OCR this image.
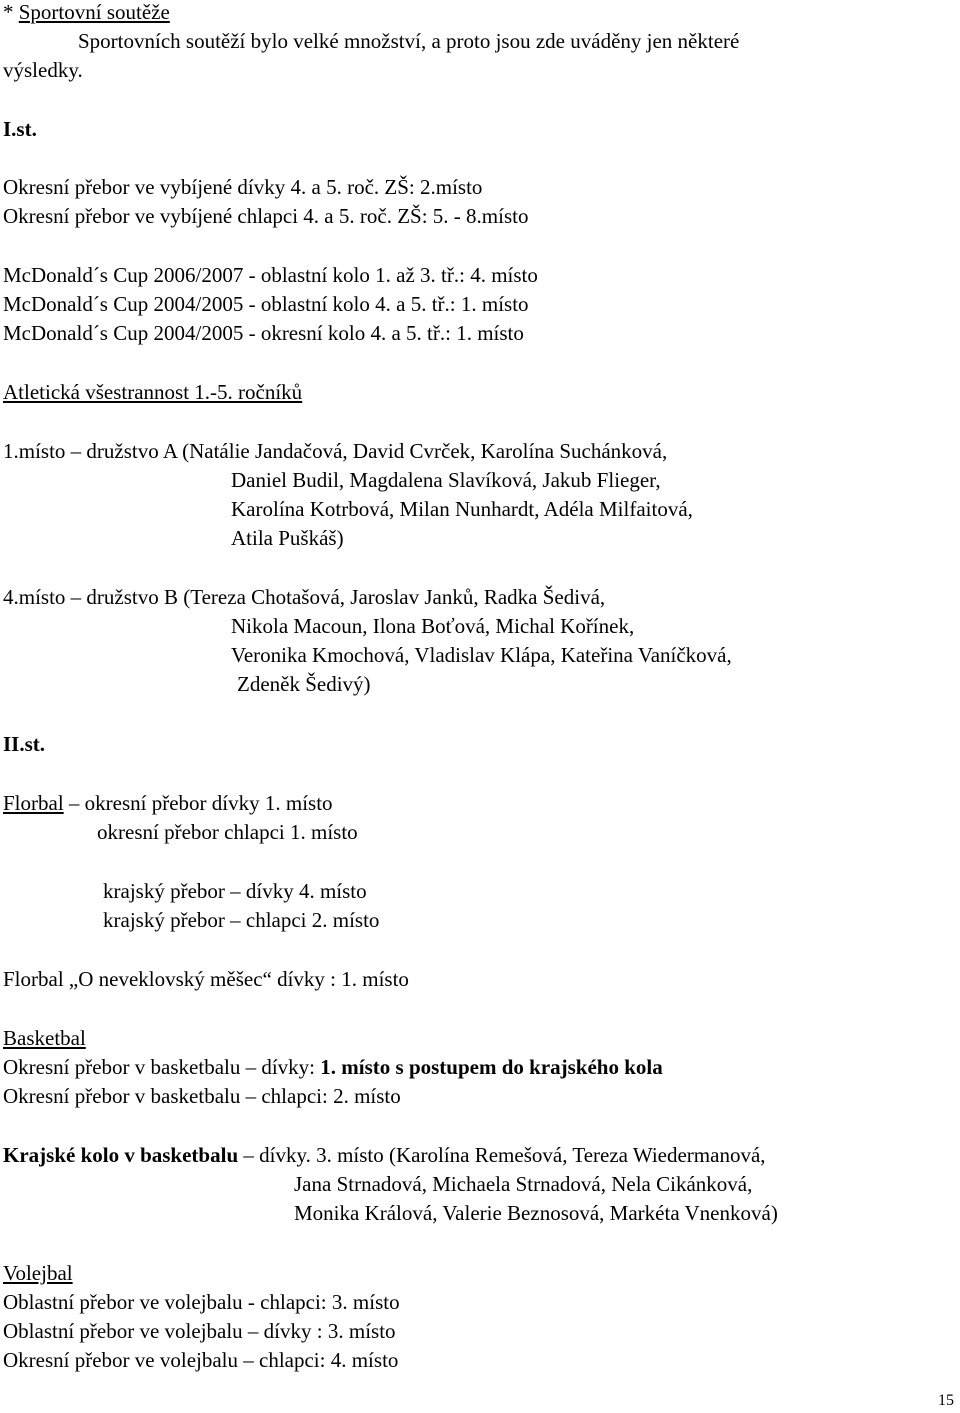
* Sportovní soutěže
Sportovních soutěží bylo velké množství, a proto jsou zde uváděny jen některé
výsledky.
I.st.
Okresní přebor ve vybíjené dívky 4. a 5. roč. ZŠ: 2.místo
Okresní přebor ve vybíjené chlapci 4. a 5. roč. ZŠ: 5. - 8.místo
McDonald´s Cup 2006/2007 - oblastní kolo 1. až 3. tř.: 4. místo
McDonald´s Cup 2004/2005 - oblastní kolo 4. a 5. tř.: 1. místo
McDonald´s Cup 2004/2005 - okresní kolo 4. a 5. tř.: 1. místo
Atletická všestrannost 1.-5. ročníků
1.místo – družstvo A (Natálie Jandačová, David Cvrček, Karolína Suchánková,
Daniel Budil, Magdalena Slavíková, Jakub Flieger,
Karolína Kotrbová, Milan Nunhardt, Adéla Milfaitová,
Atila Puškáš)
4.místo – družstvo B (Tereza Chotašová, Jaroslav Janků, Radka Šedivá,
Nikola Macoun, Ilona Boťová, Michal Kořínek,
Veronika Kmochová, Vladislav Klápa, Kateřina Vaníčková,
Zdeněk Šedivý)
II.st.
Florbal – okresní přebor dívky 1. místo
okresní přebor chlapci 1. místo
krajský přebor – dívky 4. místo
krajský přebor – chlapci 2. místo
Florbal „O neveklovský měšec“ dívky : 1. místo
Basketbal
Okresní přebor v basketbalu – dívky: 1. místo s postupem do krajského kola
Okresní přebor v basketbalu – chlapci: 2. místo
Krajské kolo v basketbalu – dívky. 3. místo (Karolína Remešová, Tereza Wiedermanová,
Jana Strnadová, Michaela Strnadová, Nela Cikánková,
Monika Králová, Valerie Beznosová, Markéta Vnenková)
Volejbal
Oblastní přebor ve volejbalu - chlapci: 3. místo
Oblastní přebor ve volejbalu – dívky : 3. místo
Okresní přebor ve volejbalu – chlapci: 4. místo
15
